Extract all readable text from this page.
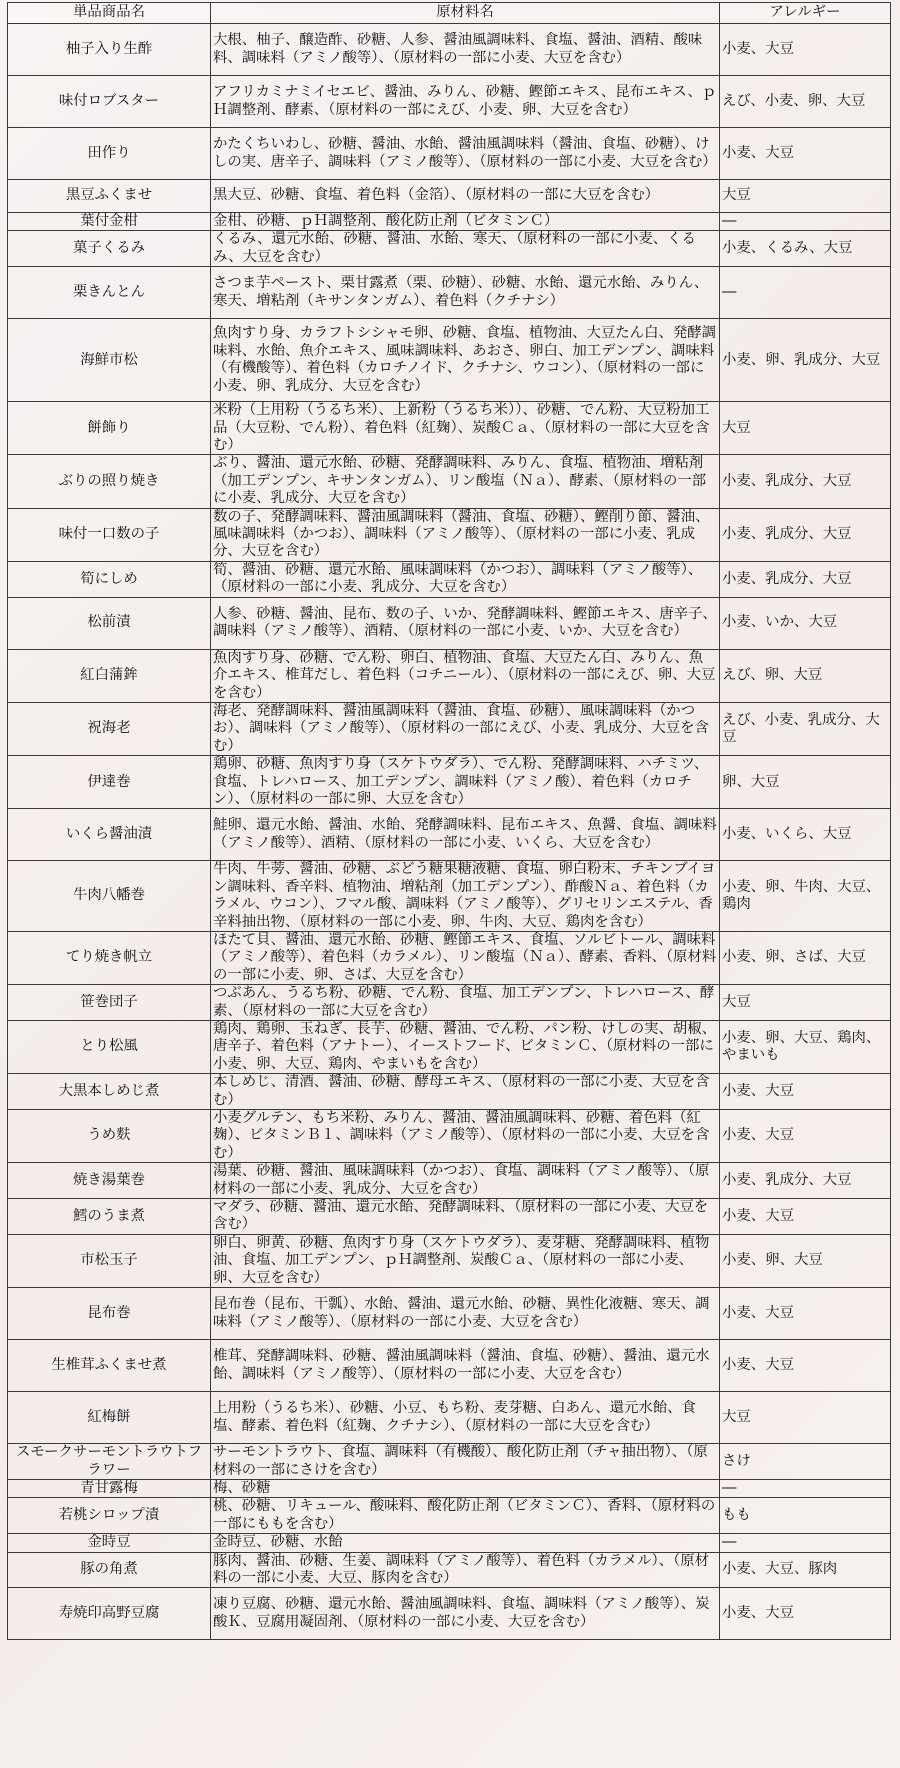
単品商品名	原材料名	アレルギー
柚子入り生酢	大根、柚子、醸造酢、砂糖、人参、醤油風調味料、食塩、醤油、酒精、酸味料、調味料（アミノ酸等）、（原材料の一部に小麦、大豆を含む）	小麦、大豆
味付ロブスター	アフリカミナミイセエビ、醤油、みりん、砂糖、鰹節エキス、昆布エキス、ｐＨ調整剤、酵素、（原材料の一部にえび、小麦、卵、大豆を含む）	えび、小麦、卵、大豆
田作り	かたくちいわし、砂糖、醤油、水飴、醤油風調味料（醤油、食塩、砂糖）、けしの実、唐辛子、調味料（アミノ酸等）、（原材料の一部に小麦、大豆を含む）	小麦、大豆
黒豆ふくませ	黒大豆、砂糖、食塩、着色料（金箔）、（原材料の一部に大豆を含む）	大豆
葉付金柑	金柑、砂糖、ｐＨ調整剤、酸化防止剤（ビタミンＣ）	―
菓子くるみ	くるみ、還元水飴、砂糖、醤油、水飴、寒天、（原材料の一部に小麦、くるみ、大豆を含む）	小麦、くるみ、大豆
栗きんとん	さつま芋ペースト、栗甘露煮（栗、砂糖）、砂糖、水飴、還元水飴、みりん、寒天、増粘剤（キサンタンガム）、着色料（クチナシ）	―
海鮮市松	魚肉すり身、カラフトシシャモ卵、砂糖、食塩、植物油、大豆たん白、発酵調味料、水飴、魚介エキス、風味調味料、あおさ、卵白、加工デンプン、調味料（有機酸等）、着色料（カロチノイド、クチナシ、ウコン）、（原材料の一部に小麦、卵、乳成分、大豆を含む）	小麦、卵、乳成分、大豆
餅飾り	米粉（上用粉（うるち米）、上新粉（うるち米））、砂糖、でん粉、大豆粉加工品（大豆粉、でん粉）、着色料（紅麹）、炭酸Ｃａ、（原材料の一部に大豆を含む）	大豆
ぶりの照り焼き	ぶり、醤油、還元水飴、砂糖、発酵調味料、みりん、食塩、植物油、増粘剤（加工デンプン、キサンタンガム）、リン酸塩（Ｎａ）、酵素、（原材料の一部に小麦、乳成分、大豆を含む）	小麦、乳成分、大豆
味付一口数の子	数の子、発酵調味料、醤油風調味料（醤油、食塩、砂糖）、鰹削り節、醤油、風味調味料（かつお）、調味料（アミノ酸等）、（原材料の一部に小麦、乳成分、大豆を含む）	小麦、乳成分、大豆
筍にしめ	筍、醤油、砂糖、還元水飴、風味調味料（かつお）、調味料（アミノ酸等）、（原材料の一部に小麦、乳成分、大豆を含む）	小麦、乳成分、大豆
松前漬	人参、砂糖、醤油、昆布、数の子、いか、発酵調味料、鰹節エキス、唐辛子、調味料（アミノ酸等）、酒精、（原材料の一部に小麦、いか、大豆を含む）	小麦、いか、大豆
紅白蒲鉾	魚肉すり身、砂糖、でん粉、卵白、植物油、食塩、大豆たん白、みりん、魚介エキス、椎茸だし、着色料（コチニール）、（原材料の一部にえび、卵、大豆を含む）	えび、卵、大豆
祝海老	海老、発酵調味料、醤油風調味料（醤油、食塩、砂糖）、風味調味料（かつお）、調味料（アミノ酸等）、（原材料の一部にえび、小麦、乳成分、大豆を含む）	えび、小麦、乳成分、大豆
伊達巻	鶏卵、砂糖、魚肉すり身（スケトウダラ）、でん粉、発酵調味料、ハチミツ、食塩、トレハロース、加工デンプン、調味料（アミノ酸）、着色料（カロチン）、（原材料の一部に卵、大豆を含む）	卵、大豆
いくら醤油漬	鮭卵、還元水飴、醤油、水飴、発酵調味料、昆布エキス、魚醤、食塩、調味料（アミノ酸等）、酒精、（原材料の一部に小麦、いくら、大豆を含む）	小麦、いくら、大豆
牛肉八幡巻	牛肉、牛蒡、醤油、砂糖、ぶどう糖果糖液糖、食塩、卵白粉末、チキンブイヨン調味料、香辛料、植物油、増粘剤（加工デンプン）、酢酸Ｎａ、着色料（カラメル、ウコン）、フマル酸、調味料（アミノ酸等）、グリセリンエステル、香辛料抽出物、（原材料の一部に小麦、卵、牛肉、大豆、鶏肉を含む）	小麦、卵、牛肉、大豆、鶏肉
てり焼き帆立	ほたて貝、醤油、還元水飴、砂糖、鰹節エキス、食塩、ソルビトール、調味料（アミノ酸等）、着色料（カラメル）、リン酸塩（Ｎａ）、酵素、香料、（原材料の一部に小麦、卵、さば、大豆を含む）	小麦、卵、さば、大豆
笹巻団子	つぶあん、うるち粉、砂糖、でん粉、食塩、加工デンプン、トレハロース、酵素、（原材料の一部に大豆を含む）	大豆
とり松風	鶏肉、鶏卵、玉ねぎ、長芋、砂糖、醤油、でん粉、パン粉、けしの実、胡椒、唐辛子、着色料（アナトー）、イーストフード、ビタミンＣ、（原材料の一部に小麦、卵、大豆、鶏肉、やまいもを含む）	小麦、卵、大豆、鶏肉、やまいも
大黒本しめじ煮	本しめじ、清酒、醤油、砂糖、酵母エキス、（原材料の一部に小麦、大豆を含む）	小麦、大豆
うめ麩	小麦グルテン、もち米粉、みりん、醤油、醤油風調味料、砂糖、着色料（紅麹）、ビタミンＢ１、調味料（アミノ酸等）、（原材料の一部に小麦、大豆を含む）	小麦、大豆
焼き湯葉巻	湯葉、砂糖、醤油、風味調味料（かつお）、食塩、調味料（アミノ酸等）、（原材料の一部に小麦、乳成分、大豆を含む）	小麦、乳成分、大豆
鱈のうま煮	マダラ、砂糖、醤油、還元水飴、発酵調味料、（原材料の一部に小麦、大豆を含む）	小麦、大豆
市松玉子	卵白、卵黄、砂糖、魚肉すり身（スケトウダラ）、麦芽糖、発酵調味料、植物油、食塩、加工デンプン、ｐＨ調整剤、炭酸Ｃａ、（原材料の一部に小麦、卵、大豆を含む）	小麦、卵、大豆
昆布巻	昆布巻（昆布、干瓢）、水飴、醤油、還元水飴、砂糖、異性化液糖、寒天、調味料（アミノ酸等）、（原材料の一部に小麦、大豆を含む）	小麦、大豆
生椎茸ふくませ煮	椎茸、発酵調味料、砂糖、醤油風調味料（醤油、食塩、砂糖）、醤油、還元水飴、調味料（アミノ酸等）、（原材料の一部に小麦、大豆を含む）	小麦、大豆
紅梅餅	上用粉（うるち米）、砂糖、小豆、もち粉、麦芽糖、白あん、還元水飴、食塩、酵素、着色料（紅麹、クチナシ）、（原材料の一部に大豆を含む）	大豆
スモークサーモントラウトフラワー	サーモントラウト、食塩、調味料（有機酸）、酸化防止剤（チャ抽出物）、（原材料の一部にさけを含む）	さけ
青甘露梅	梅、砂糖	―
若桃シロップ漬	桃、砂糖、リキュール、酸味料、酸化防止剤（ビタミンＣ）、香料、（原材料の一部にももを含む）	もも
金時豆	金時豆、砂糖、水飴	―
豚の角煮	豚肉、醤油、砂糖、生姜、調味料（アミノ酸等）、着色料（カラメル）、（原材料の一部に小麦、大豆、豚肉を含む）	小麦、大豆、豚肉
寿焼印高野豆腐	凍り豆腐、砂糖、還元水飴、醤油風調味料、食塩、調味料（アミノ酸等）、炭酸Ｋ、豆腐用凝固剤、（原材料の一部に小麦、大豆を含む）	小麦、大豆
